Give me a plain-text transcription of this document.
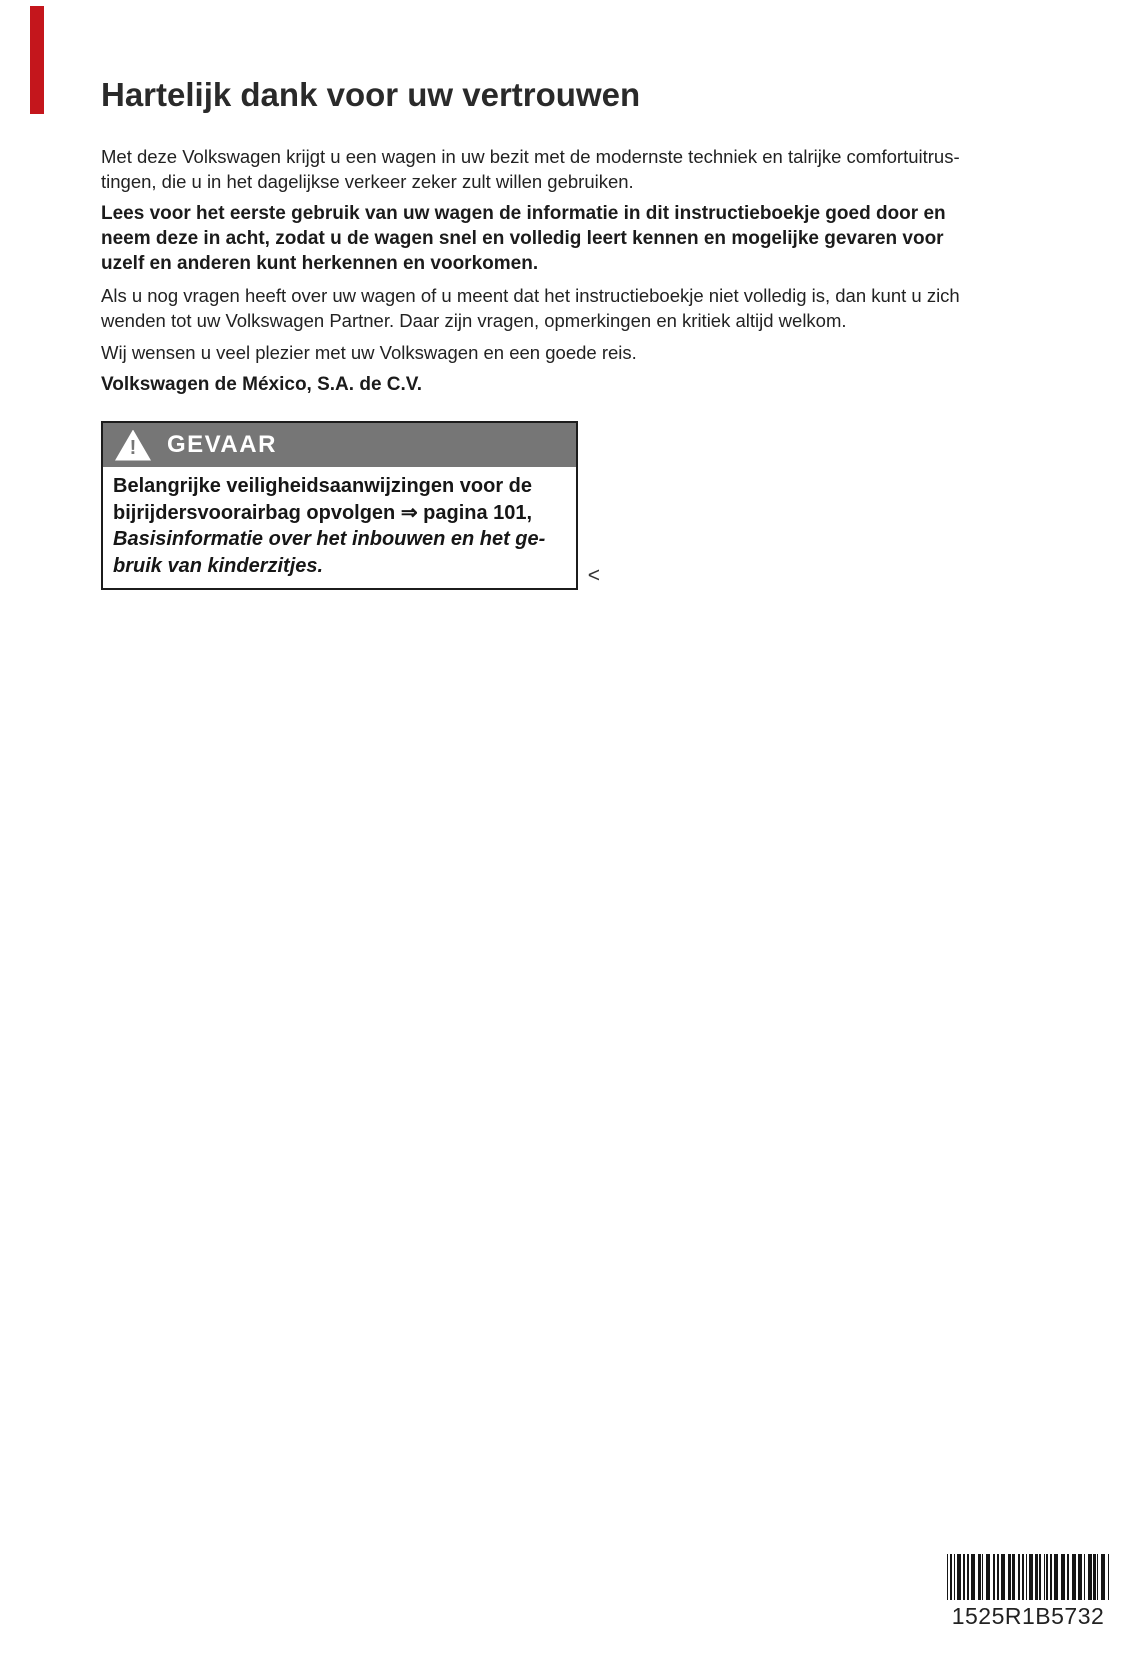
Hartelijk dank voor uw vertrouwen
Met deze Volkswagen krijgt u een wagen in uw bezit met de modernste techniek en talrijke comfortuitrus-
tingen, die u in het dagelijkse verkeer zeker zult willen gebruiken.
Lees voor het eerste gebruik van uw wagen de informatie in dit instructieboekje goed door en
neem deze in acht, zodat u de wagen snel en volledig leert kennen en mogelijke gevaren voor
uzelf en anderen kunt herkennen en voorkomen.
Als u nog vragen heeft over uw wagen of u meent dat het instructieboekje niet volledig is, dan kunt u zich
wenden tot uw Volkswagen Partner. Daar zijn vragen, opmerkingen en kritiek altijd welkom.
Wij wensen u veel plezier met uw Volkswagen en een goede reis.
Volkswagen de México, S.A. de C.V.
!	GEVAAR
Belangrijke veiligheidsaanwijzingen voor de
bijrijdersvoorairbag opvolgen ⇒ pagina 101,
Basisinformatie over het inbouwen en het ge-
bruik van kinderzitjes.	<
1525R1B5732
